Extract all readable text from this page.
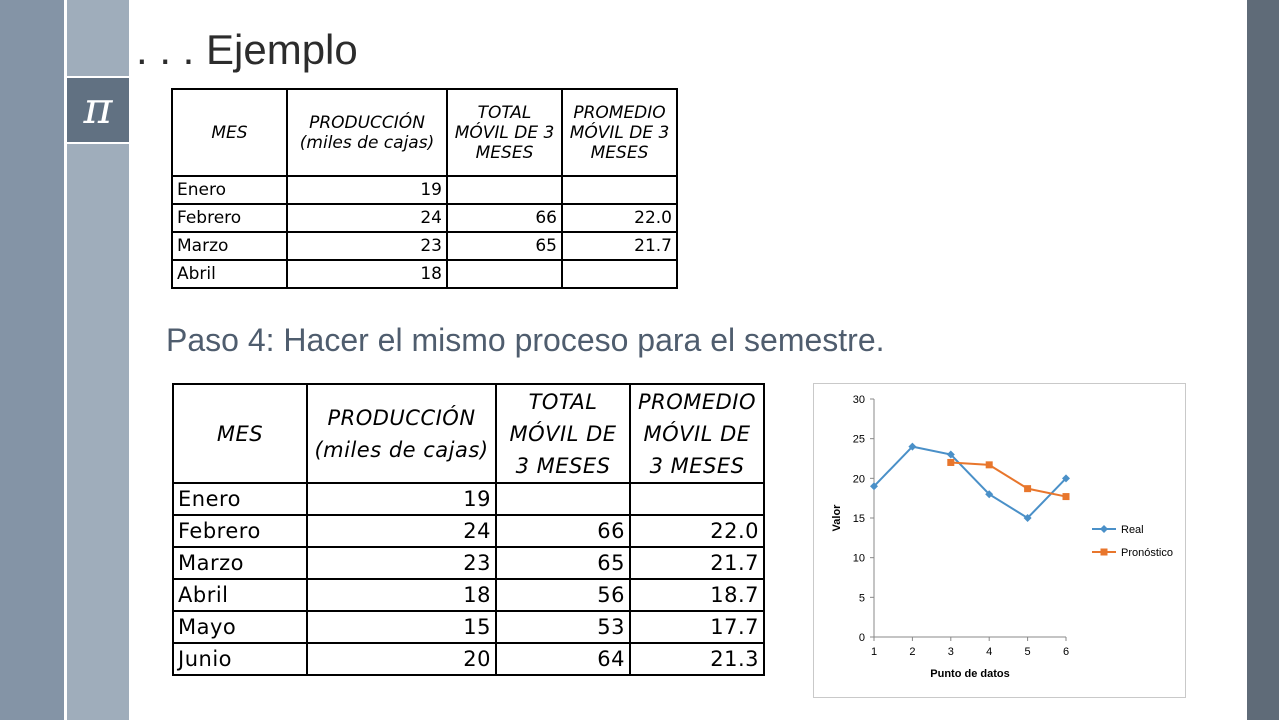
π
. . . Ejemplo
MES	PRODUCCIÓN (miles de cajas)	TOTAL MÓVIL DE 3 MESES	PROMEDIO MÓVIL DE 3 MESES
Enero	19		
Febrero	24	66	22.0
Marzo	23	65	21.7
Abril	18		
Paso 4: Hacer el mismo proceso para el semestre.
MES	PRODUCCIÓN (miles de cajas)	TOTAL MÓVIL DE 3 MESES	PROMEDIO MÓVIL DE 3 MESES
Enero	19		
Febrero	24	66	22.0
Marzo	23	65	21.7
Abril	18	56	18.7
Mayo	15	53	17.7
Junio	20	64	21.3
0
5
10
15
20
25
30
1	2	3	4	5	6
Punto de datos
Valor	Real
Pronóstico
